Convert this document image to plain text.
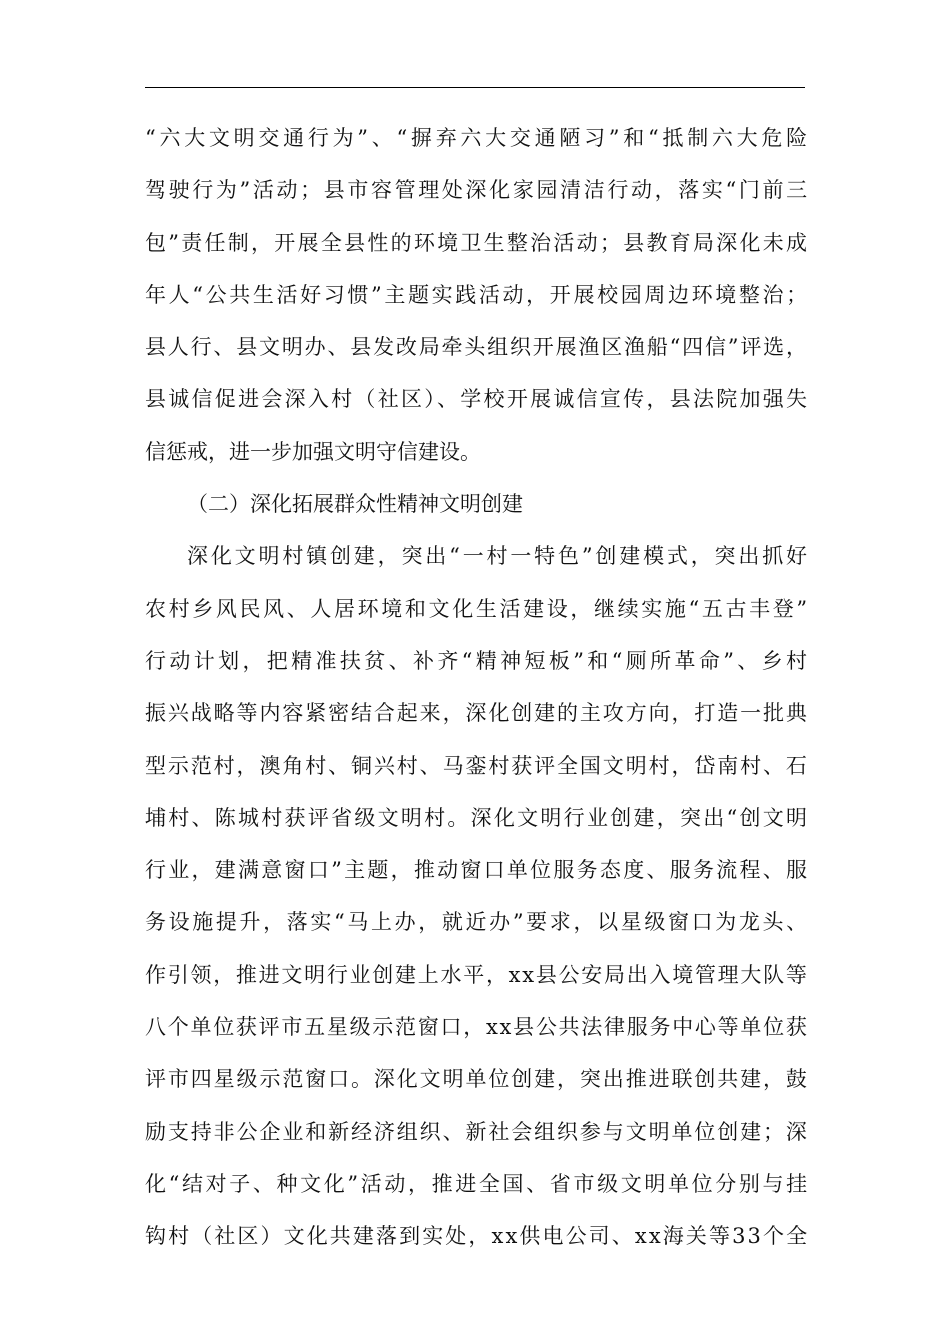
“六大文明交通行为”、“摒弃六大交通陋习”和“抵制六大危险
驾驶行为”活动；县市容管理处深化家园清洁行动，落实“门前三
包”责任制，开展全县性的环境卫生整治活动；县教育局深化未成
年人“公共生活好习惯”主题实践活动，开展校园周边环境整治；
县人行、县文明办、县发改局牵头组织开展渔区渔船“四信”评选，
县诚信促进会深入村（社区）、学校开展诚信宣传，县法院加强失
信惩戒，进一步加强文明守信建设。
（二）深化拓展群众性精神文明创建
深化文明村镇创建，突出“一村一特色”创建模式，突出抓好
农村乡风民风、人居环境和文化生活建设，继续实施“五古丰登”
行动计划，把精准扶贫、补齐“精神短板”和“厕所革命”、乡村
振兴战略等内容紧密结合起来，深化创建的主攻方向，打造一批典
型示范村，澳角村、铜兴村、马銮村获评全国文明村，岱南村、石
埔村、陈城村获评省级文明村。深化文明行业创建，突出“创文明
行业，建满意窗口”主题，推动窗口单位服务态度、服务流程、服
务设施提升，落实“马上办，就近办”要求，以星级窗口为龙头、
作引领，推进文明行业创建上水平，xx县公安局出入境管理大队等
八个单位获评市五星级示范窗口，xx县公共法律服务中心等单位获
评市四星级示范窗口。深化文明单位创建，突出推进联创共建，鼓
励支持非公企业和新经济组织、新社会组织参与文明单位创建；深
化“结对子、种文化”活动，推进全国、省市级文明单位分别与挂
钩村（社区）文化共建落到实处，xx供电公司、xx海关等33个全
